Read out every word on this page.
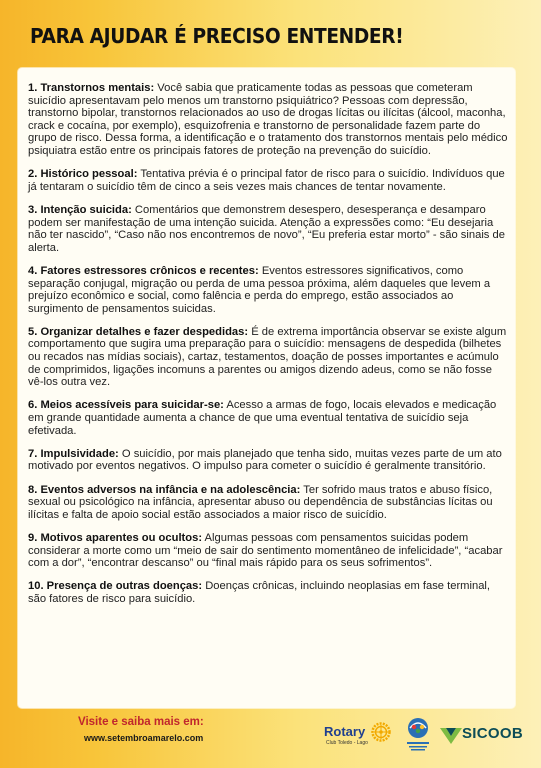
PARA AJUDAR É PRECISO ENTENDER!

1. Transtornos mentais: Você sabia que praticamente todas as pessoas que cometeram suicídio apresentavam pelo menos um transtorno psiquiátrico? Pessoas com depressão, transtorno bipolar, transtornos relacionados ao uso de drogas lícitas ou ilícitas (álcool, maconha, crack e cocaína, por exemplo), esquizofrenia e transtorno de personalidade fazem parte do grupo de risco. Dessa forma, a identificação e o tratamento dos transtornos mentais pelo médico psiquiatra estão entre os principais fatores de proteção na prevenção do suicídio.

2. Histórico pessoal: Tentativa prévia é o principal fator de risco para o suicídio. Indivíduos que já tentaram o suicídio têm de cinco a seis vezes mais chances de tentar novamente.

3. Intenção suicida: Comentários que demonstrem desespero, desesperança e desamparo podem ser manifestação de uma intenção suicida. Atenção a expressões como: “Eu desejaria não ter nascido”, “Caso não nos encontremos de novo”, “Eu preferia estar morto” - são sinais de alerta.

4. Fatores estressores crônicos e recentes: Eventos estressores significativos, como separação conjugal, migração ou perda de uma pessoa próxima, além daqueles que levem a prejuízo econômico e social, como falência e perda do emprego, estão associados ao surgimento de pensamentos suicidas.

5. Organizar detalhes e fazer despedidas: É de extrema importância observar se existe algum comportamento que sugira uma preparação para o suicídio: mensagens de despedida (bilhetes ou recados nas mídias sociais), cartaz, testamentos, doação de posses importantes e acúmulo de comprimidos, ligações incomuns a parentes ou amigos dizendo adeus, como se não fosse vê-los outra vez.

6. Meios acessíveis para suicidar-se: Acesso a armas de fogo, locais elevados e medicação em grande quantidade aumenta a chance de que uma eventual tentativa de suicídio seja efetivada.

7. Impulsividade: O suicídio, por mais planejado que tenha sido, muitas vezes parte de um ato motivado por eventos negativos. O impulso para cometer o suicídio é geralmente transitório.

8. Eventos adversos na infância e na adolescência: Ter sofrido maus tratos e abuso físico, sexual ou psicológico na infância, apresentar abuso ou dependência de substâncias lícitas ou ilícitas e falta de apoio social estão associados a maior risco de suicídio.

9. Motivos aparentes ou ocultos: Algumas pessoas com pensamentos suicidas podem considerar a morte como um “meio de sair do sentimento momentâneo de infelicidade”, “acabar com a dor”, “encontrar descanso” ou “final mais rápido para os seus sofrimentos”.

10. Presença de outras doenças: Doenças crônicas, incluindo neoplasias em fase terminal, são fatores de risco para suicídio.

Visite e saiba mais em:
www.setembroamarelo.com	Rotary
Club Toledo - Lago
SICOOB
